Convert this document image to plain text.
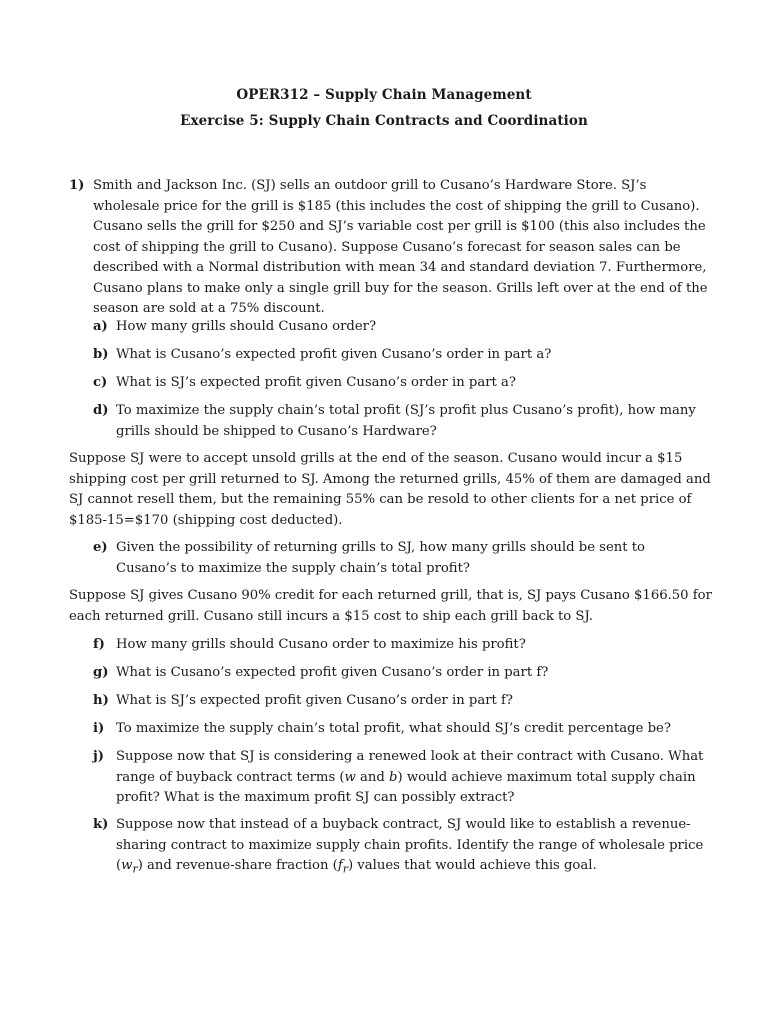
OPER312 – Supply Chain Management
Exercise 5: Supply Chain Contracts and Coordination
1) Smith and Jackson Inc. (SJ) sells an outdoor grill to Cusano’s Hardware Store. SJ’s wholesale price for the grill is $185 (this includes the cost of shipping the grill to Cusano). Cusano sells the grill for $250 and SJ’s variable cost per grill is $100 (this also includes the cost of shipping the grill to Cusano). Suppose Cusano’s forecast for season sales can be described with a Normal distribution with mean 34 and standard deviation 7. Furthermore, Cusano plans to make only a single grill buy for the season. Grills left over at the end of the season are sold at a 75% discount.
a) How many grills should Cusano order?
b) What is Cusano’s expected profit given Cusano’s order in part a?
c) What is SJ’s expected profit given Cusano’s order in part a?
d) To maximize the supply chain’s total profit (SJ’s profit plus Cusano’s profit), how many grills should be shipped to Cusano’s Hardware?
Suppose SJ were to accept unsold grills at the end of the season. Cusano would incur a $15 shipping cost per grill returned to SJ. Among the returned grills, 45% of them are damaged and SJ cannot resell them, but the remaining 55% can be resold to other clients for a net price of $185-15=$170 (shipping cost deducted).
e) Given the possibility of returning grills to SJ, how many grills should be sent to Cusano’s to maximize the supply chain’s total profit?
Suppose SJ gives Cusano 90% credit for each returned grill, that is, SJ pays Cusano $166.50 for each returned grill. Cusano still incurs a $15 cost to ship each grill back to SJ.
f) How many grills should Cusano order to maximize his profit?
g) What is Cusano’s expected profit given Cusano’s order in part f?
h) What is SJ’s expected profit given Cusano’s order in part f?
i) To maximize the supply chain’s total profit, what should SJ’s credit percentage be?
j) Suppose now that SJ is considering a renewed look at their contract with Cusano. What range of buyback contract terms (w and b) would achieve maximum total supply chain profit? What is the maximum profit SJ can possibly extract?
k) Suppose now that instead of a buyback contract, SJ would like to establish a revenue-sharing contract to maximize supply chain profits. Identify the range of wholesale price $(w_r)$ and revenue-share fraction $(f_r)$ values that would achieve this goal.
